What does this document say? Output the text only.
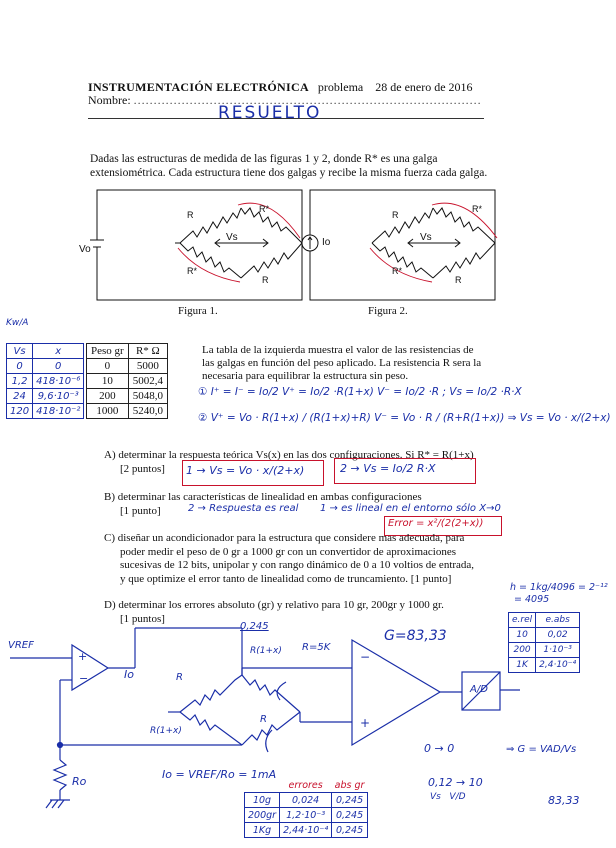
INSTRUMENTACIÓN ELECTRÓNICA problema 28 de enero de 2016
Nombre: .......................................................................................
RESUELTO
Dadas las estructuras de medida de las figuras 1 y 2, donde R* es una galga
extensiométrica. Cada estructura tiene dos galgas y recibe la misma fuerza cada galga.
Vo
Vs
R
R*
R*
R
Figura 1.
Io	Vs
R
R*
R*
R
Figura 2.
Kw/A
Vs	x
0	0
1,2	418·10⁻⁶
24	9,6·10⁻³
120	418·10⁻²
Peso gr	R* Ω
0	5000
10	5002,4
200	5048,0
1000	5240,0
La tabla de la izquierda muestra el valor de las resistencias de
las galgas en función del peso aplicado. La resistencia R sera la
necesaria para equilibrar la estructura sin peso.
① I⁺ = I⁻ = Io/2 V⁺ = Io/2 ·R(1+x) V⁻ = Io/2 ·R ; Vs = Io/2 ·R·X
② V⁺ = Vo · R(1+x) / (R(1+x)+R) V⁻ = Vo · R / (R+R(1+x)) ⇒ Vs = Vo · x/(2+x)
A) determinar la respuesta teórica Vs(x) en las dos configuraciones. Si R* = R(1+x)
[2 puntos]	1 → Vs = Vo · x/(2+x)	2 → Vs = Io/2 R·X
B) determinar las características de linealidad en ambas configuraciones
[1 punto]	2 → Respuesta es real 1 → es lineal en el entorno sólo X→0
Error = x²/(2(2+x))
C) diseñar un acondicionador para la estructura que considere mas adecuada, para
poder medir el peso de 0 gr a 1000 gr con un convertidor de aproximaciones
sucesivas de 12 bits, unipolar y con rango dinámico de 0 a 10 voltios de entrada,
y que optimize el error tanto de linealidad como de truncamiento. [1 punto]
D) determinar los errores absoluto (gr) y relativo para 10 gr, 200gr y 1000 gr.
[1 puntos]
0,245
h = 1kg/4096 = 2⁻¹²
= 4095
e.rel	e.abs
10	0,02
200	1·10⁻³
1K	2,4·10⁻⁴
VREF
+
−	Io
R(1+x) R=5K
G=83,33
A/D
R(1+x)
R
R
Ro
−
+
Io = VREF/Ro = 1mA
0 → 0
0,12 → 10
Vs   V/D
⇒ G = VAD/Vs
83,33
	errores	abs gr
10g	0,024	0,245
200gr	1,2·10⁻³	0,245
1Kg	2,44·10⁻⁴	0,245
